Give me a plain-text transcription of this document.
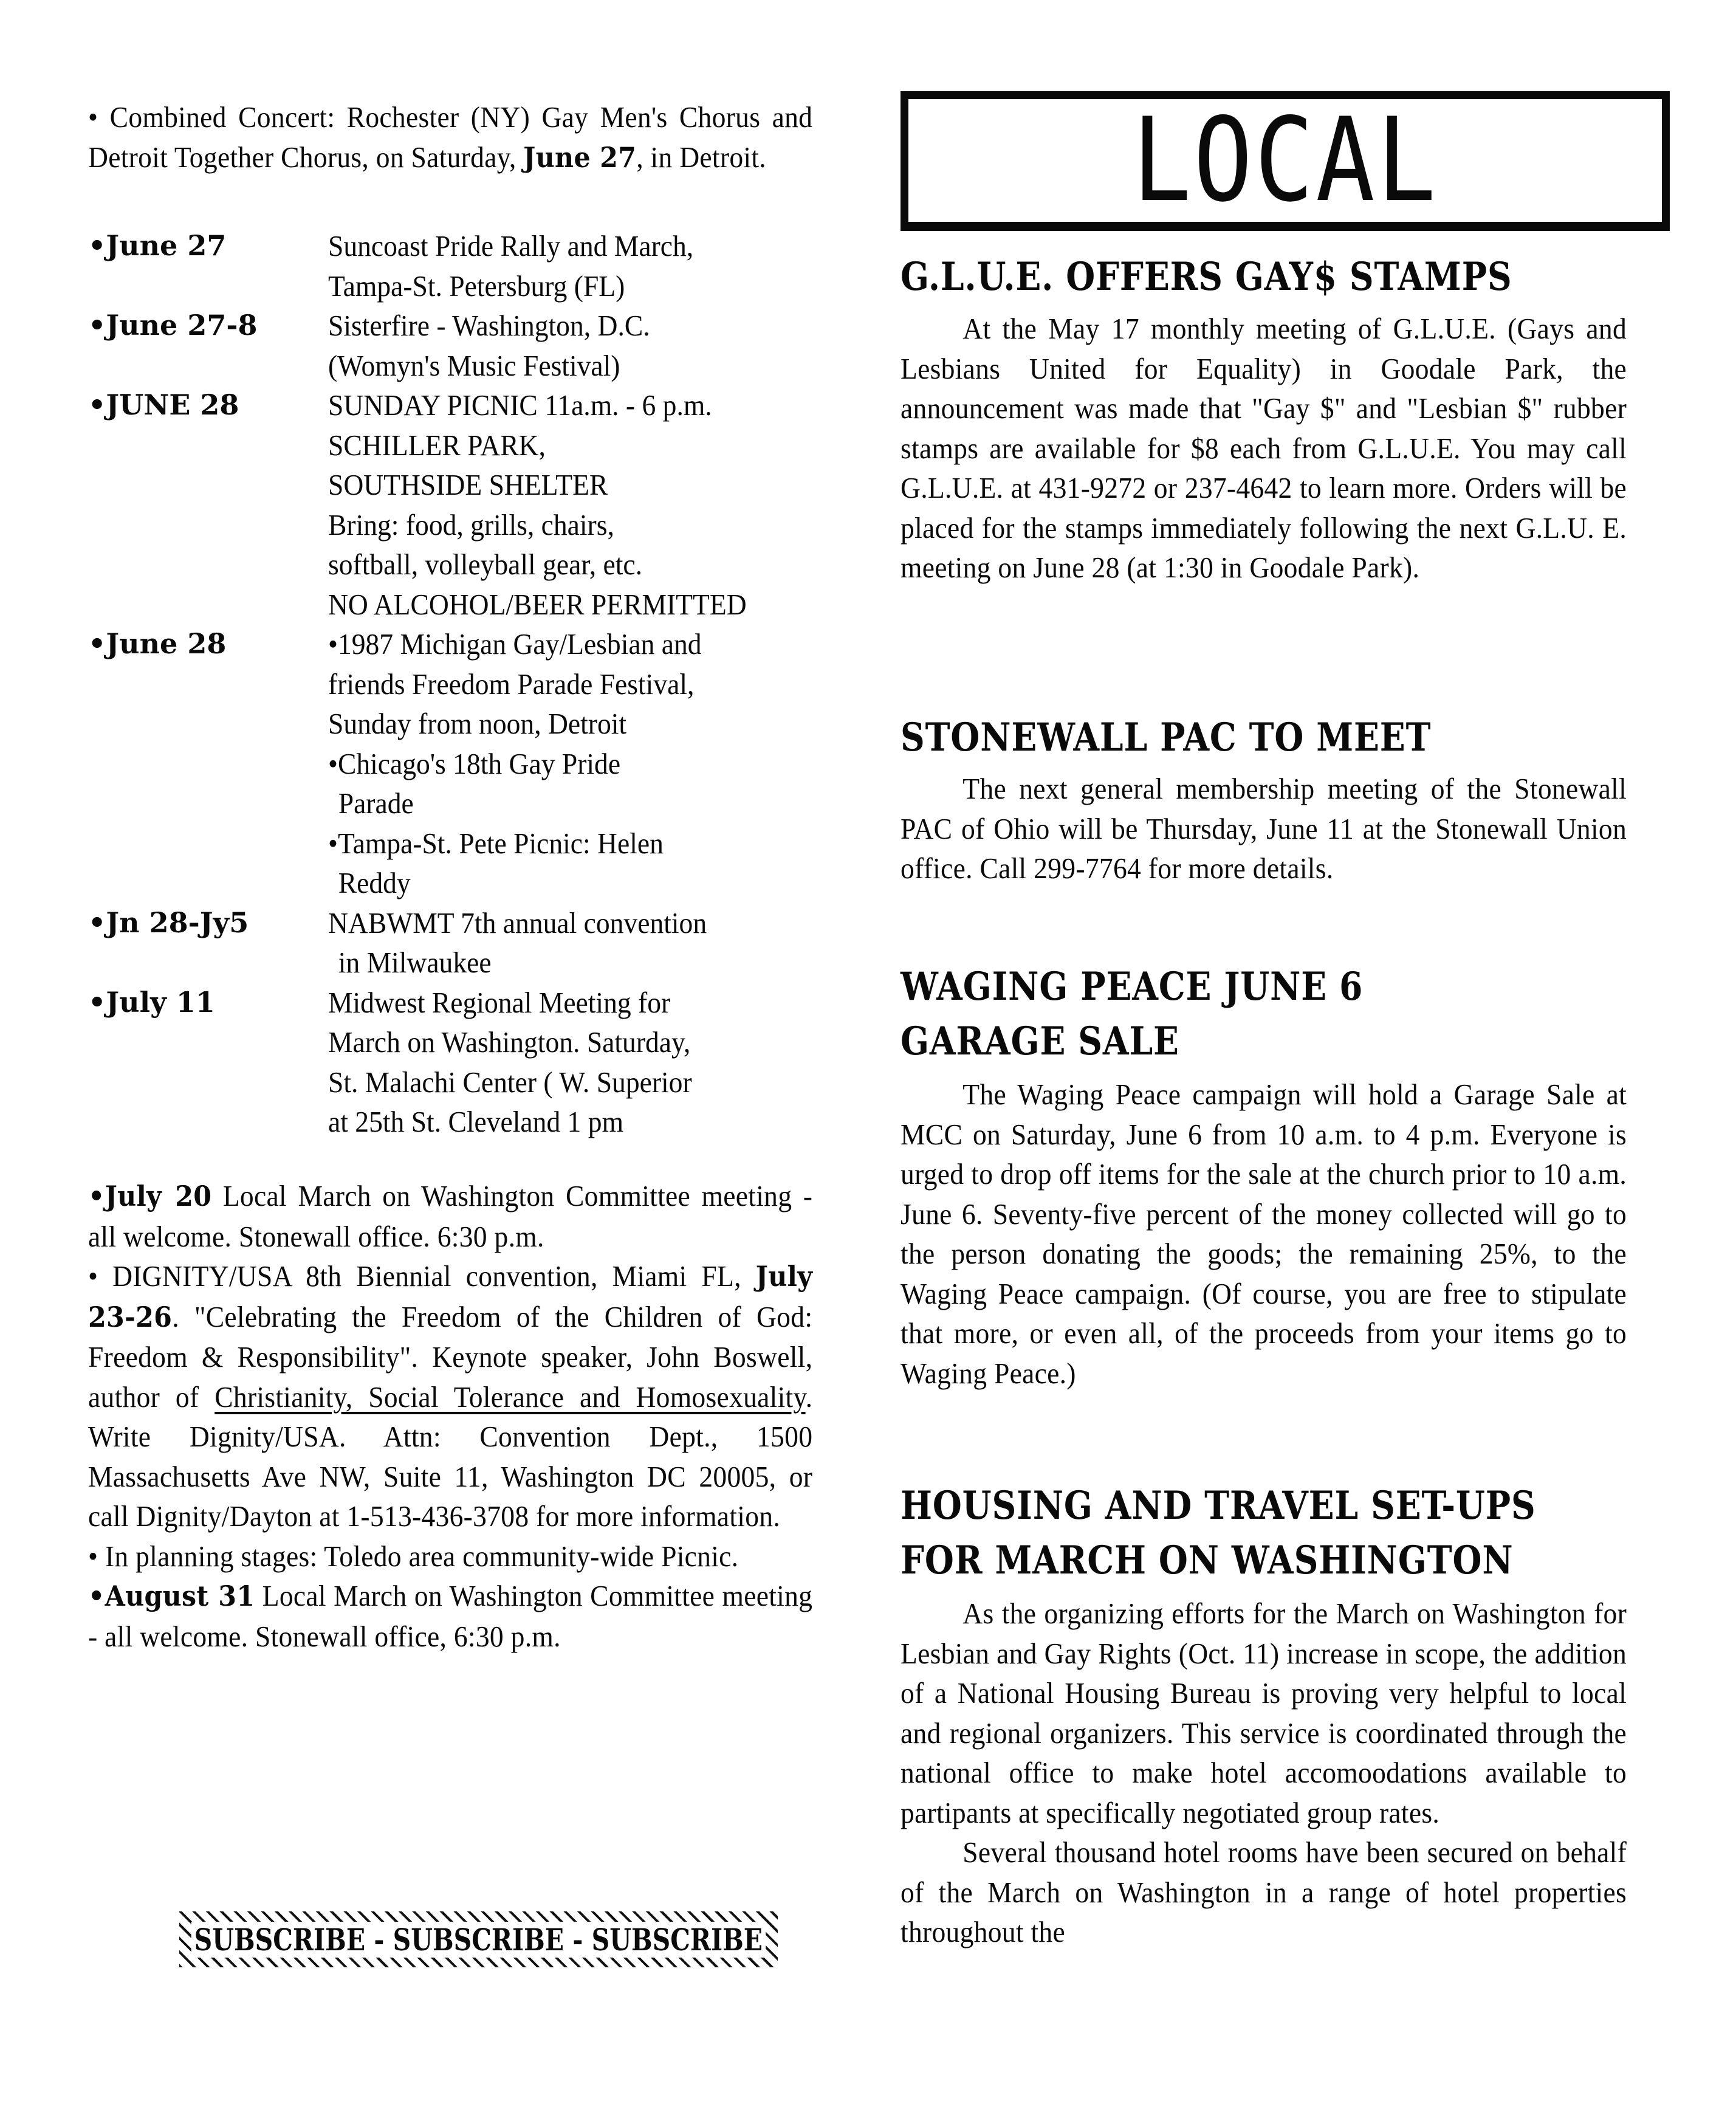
• Combined Concert: Rochester (NY) Gay Men's Chorus and Detroit Together Chorus, on Saturday, June 27, in Detroit.
•June 27	Suncoast Pride Rally and March,
Tampa-St. Petersburg (FL)
•June 27-8	Sisterfire - Washington, D.C.
(Womyn's Music Festival)
•JUNE 28	SUNDAY PICNIC 11a.m. - 6 p.m.
SCHILLER PARK,
SOUTHSIDE SHELTER
Bring: food, grills, chairs,
softball, volleyball gear, etc.
NO ALCOHOL/BEER PERMITTED
•June 28	•1987 Michigan Gay/Lesbian and
friends Freedom Parade Festival,
Sunday from noon, Detroit
•Chicago's 18th Gay Pride
Parade
•Tampa-St. Pete Picnic: Helen
Reddy
•Jn 28-Jy5	NABWMT 7th annual convention
in Milwaukee
•July 11	Midwest Regional Meeting for
March on Washington. Saturday,
St. Malachi Center ( W. Superior
at 25th St. Cleveland 1 pm

•July 20 Local March on Washington Committee meeting - all welcome. Stonewall office. 6:30 p.m.

• DIGNITY/USA 8th Biennial convention, Miami FL, July 23-26. "Celebrating the Freedom of the Children of God: Freedom & Responsibility". Keynote speaker, John Boswell, author of Christianity, Social Tolerance and Homosexuality. Write Dignity/USA. Attn: Convention Dept., 1500 Massachusetts Ave NW, Suite 11, Washington DC 20005, or call Dignity/Dayton at 1-513-436-3708 for more information.

• In planning stages: Toledo area community-wide Picnic.

•August 31 Local March on Washington Committee meeting - all welcome. Stonewall office, 6:30 p.m.

SUBSCRIBE - SUBSCRIBE - SUBSCRIBE
LOCAL
G.L.U.E. OFFERS GAY$ STAMPS

At the May 17 monthly meeting of G.L.U.E. (Gays and Lesbians United for Equality) in Goodale Park, the announcement was made that "Gay $" and "Lesbian $" rubber stamps are available for $8 each from G.L.U.E. You may call G.L.U.E. at 431-9272 or 237-4642 to learn more. Orders will be placed for the stamps immediately following the next G.L.U. E. meeting on June 28 (at 1:30 in Goodale Park).

STONEWALL PAC TO MEET

The next general membership meeting of the Stonewall PAC of Ohio will be Thursday, June 11 at the Stonewall Union office. Call 299-7764 for more details.

WAGING PEACE JUNE 6
GARAGE SALE

The Waging Peace campaign will hold a Garage Sale at MCC on Saturday, June 6 from 10 a.m. to 4 p.m. Everyone is urged to drop off items for the sale at the church prior to 10 a.m. June 6. Seventy-five percent of the money collected will go to the person donating the goods; the remaining 25%, to the Waging Peace campaign. (Of course, you are free to stipulate that more, or even all, of the proceeds from your items go to Waging Peace.)

HOUSING AND TRAVEL SET-UPS
FOR MARCH ON WASHINGTON

As the organizing efforts for the March on Washington for Lesbian and Gay Rights (Oct. 11) increase in scope, the addition of a National Housing Bureau is proving very helpful to local and regional organizers. This service is coordinated through the national office to make hotel accomoodations available to partipants at specifically negotiated group rates.

Several thousand hotel rooms have been secured on behalf of the March on Washington in a range of hotel properties throughout the
